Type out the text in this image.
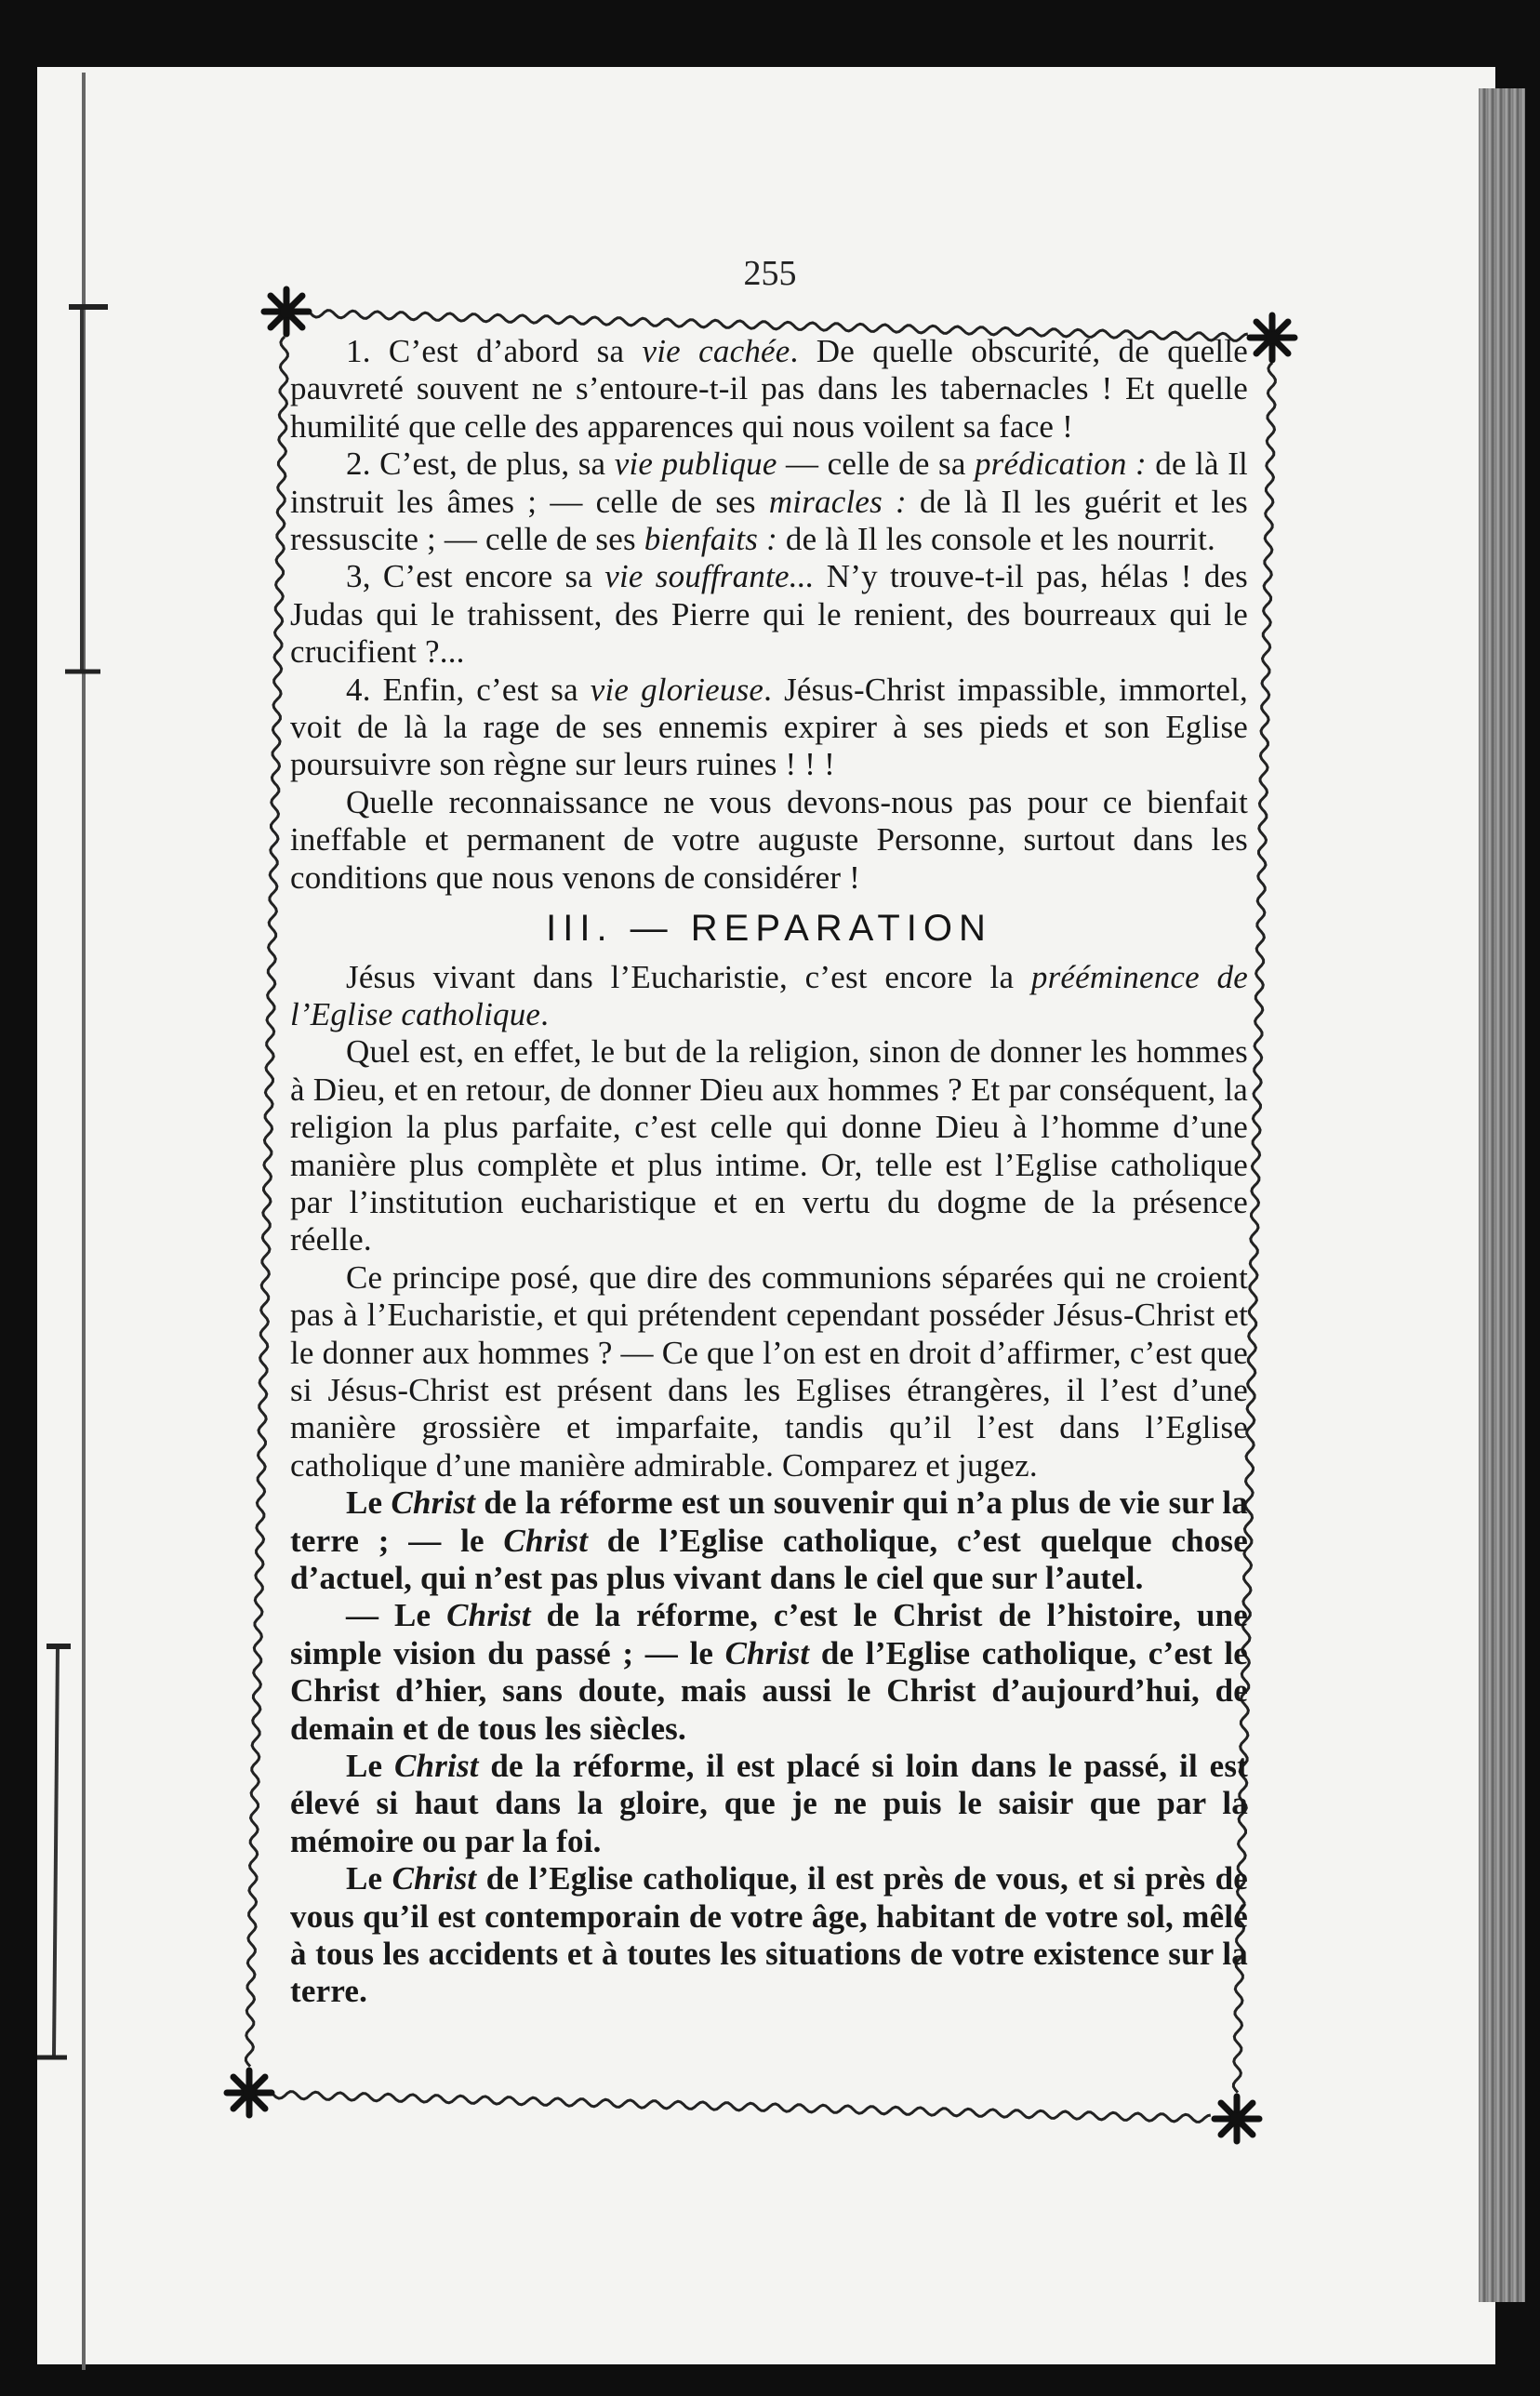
255

1. C’est d’abord sa vie cachée. De quelle obscurité, de quelle pauvreté souvent ne s’entoure-t-il pas dans les tabernacles ! Et quelle humilité que celle des apparences qui nous voilent sa face !

2. C’est, de plus, sa vie publique — celle de sa prédication : de là Il instruit les âmes ; — celle de ses miracles : de là Il les guérit et les ressuscite ; — celle de ses bienfaits : de là Il les console et les nourrit.

3, C’est encore sa vie souffrante... N’y trouve-t-il pas, hélas ! des Judas qui le trahissent, des Pierre qui le renient, des bourreaux qui le crucifient ?...

4. Enfin, c’est sa vie glorieuse. Jésus-Christ impassible, immortel, voit de là la rage de ses ennemis expirer à ses pieds et son Eglise poursuivre son règne sur leurs ruines ! ! !

Quelle reconnaissance ne vous devons-nous pas pour ce bienfait ineffable et permanent de votre auguste Personne, surtout dans les conditions que nous venons de considérer !

III. — REPARATION

Jésus vivant dans l’Eucharistie, c’est encore la prééminence de l’Eglise catholique.

Quel est, en effet, le but de la religion, sinon de donner les hommes à Dieu, et en retour, de donner Dieu aux hommes ? Et par conséquent, la religion la plus parfaite, c’est celle qui donne Dieu à l’homme d’une manière plus complète et plus intime. Or, telle est l’Eglise catholique par l’institution eucharistique et en vertu du dogme de la présence réelle.

Ce principe posé, que dire des communions séparées qui ne croient pas à l’Eucharistie, et qui prétendent cependant posséder Jésus-Christ et le donner aux hommes ? — Ce que l’on est en droit d’affirmer, c’est que si Jésus-Christ est présent dans les Eglises étrangères, il l’est d’une manière grossière et imparfaite, tandis qu’il l’est dans l’Eglise catholique d’une manière admirable. Comparez et jugez.

Le Christ de la réforme est un souvenir qui n’a plus de vie sur la terre ; — le Christ de l’Eglise catholique, c’est quelque chose d’actuel, qui n’est pas plus vivant dans le ciel que sur l’autel.

— Le Christ de la réforme, c’est le Christ de l’histoire, une simple vision du passé ; — le Christ de l’Eglise catholique, c’est le Christ d’hier, sans doute, mais aussi le Christ d’aujourd’hui, de demain et de tous les siècles.

Le Christ de la réforme, il est placé si loin dans le passé, il est élevé si haut dans la gloire, que je ne puis le saisir que par la mémoire ou par la foi.

Le Christ de l’Eglise catholique, il est près de vous, et si près de vous qu’il est contemporain de votre âge, habitant de votre sol, mêlé à tous les accidents et à toutes les situations de votre existence sur la terre.
